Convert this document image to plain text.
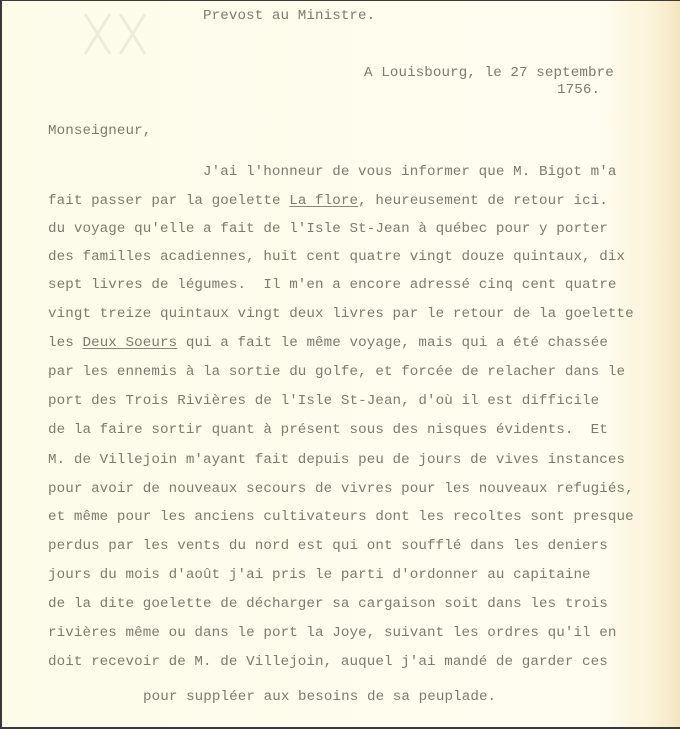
Prevost au Ministre.
A Louisbourg, le 27 septembre
1756.
Monseigneur,
J'ai l'honneur de vous informer que M. Bigot m'a
fait passer par la goelette La flore, heureusement de retour ici.
du voyage qu'elle a fait de l'Isle St-Jean à québec pour y porter
des familles acadiennes, huit cent quatre vingt douze quintaux, dix
sept livres de légumes.  Il m'en a encore adressé cinq cent quatre
vingt treize quintaux vingt deux livres par le retour de la goelette
les Deux Soeurs qui a fait le même voyage, mais qui a été chassée
par les ennemis à la sortie du golfe, et forcée de relacher dans le
port des Trois Rivières de l'Isle St-Jean, d'où il est difficile
de la faire sortir quant à présent sous des nisques évidents.  Et
M. de Villejoin m'ayant fait depuis peu de jours de vives instances
pour avoir de nouveaux secours de vivres pour les nouveaux refugiés,
et même pour les anciens cultivateurs dont les recoltes sont presque
perdus par les vents du nord est qui ont soufflé dans les deniers
jours du mois d'août j'ai pris le parti d'ordonner au capitaine
de la dite goelette de décharger sa cargaison soit dans les trois
rivières même ou dans le port la Joye, suivant les ordres qu'il en
doit recevoir de M. de Villejoin, auquel j'ai mandé de garder ces
pour suppléer aux besoins de sa peuplade.
